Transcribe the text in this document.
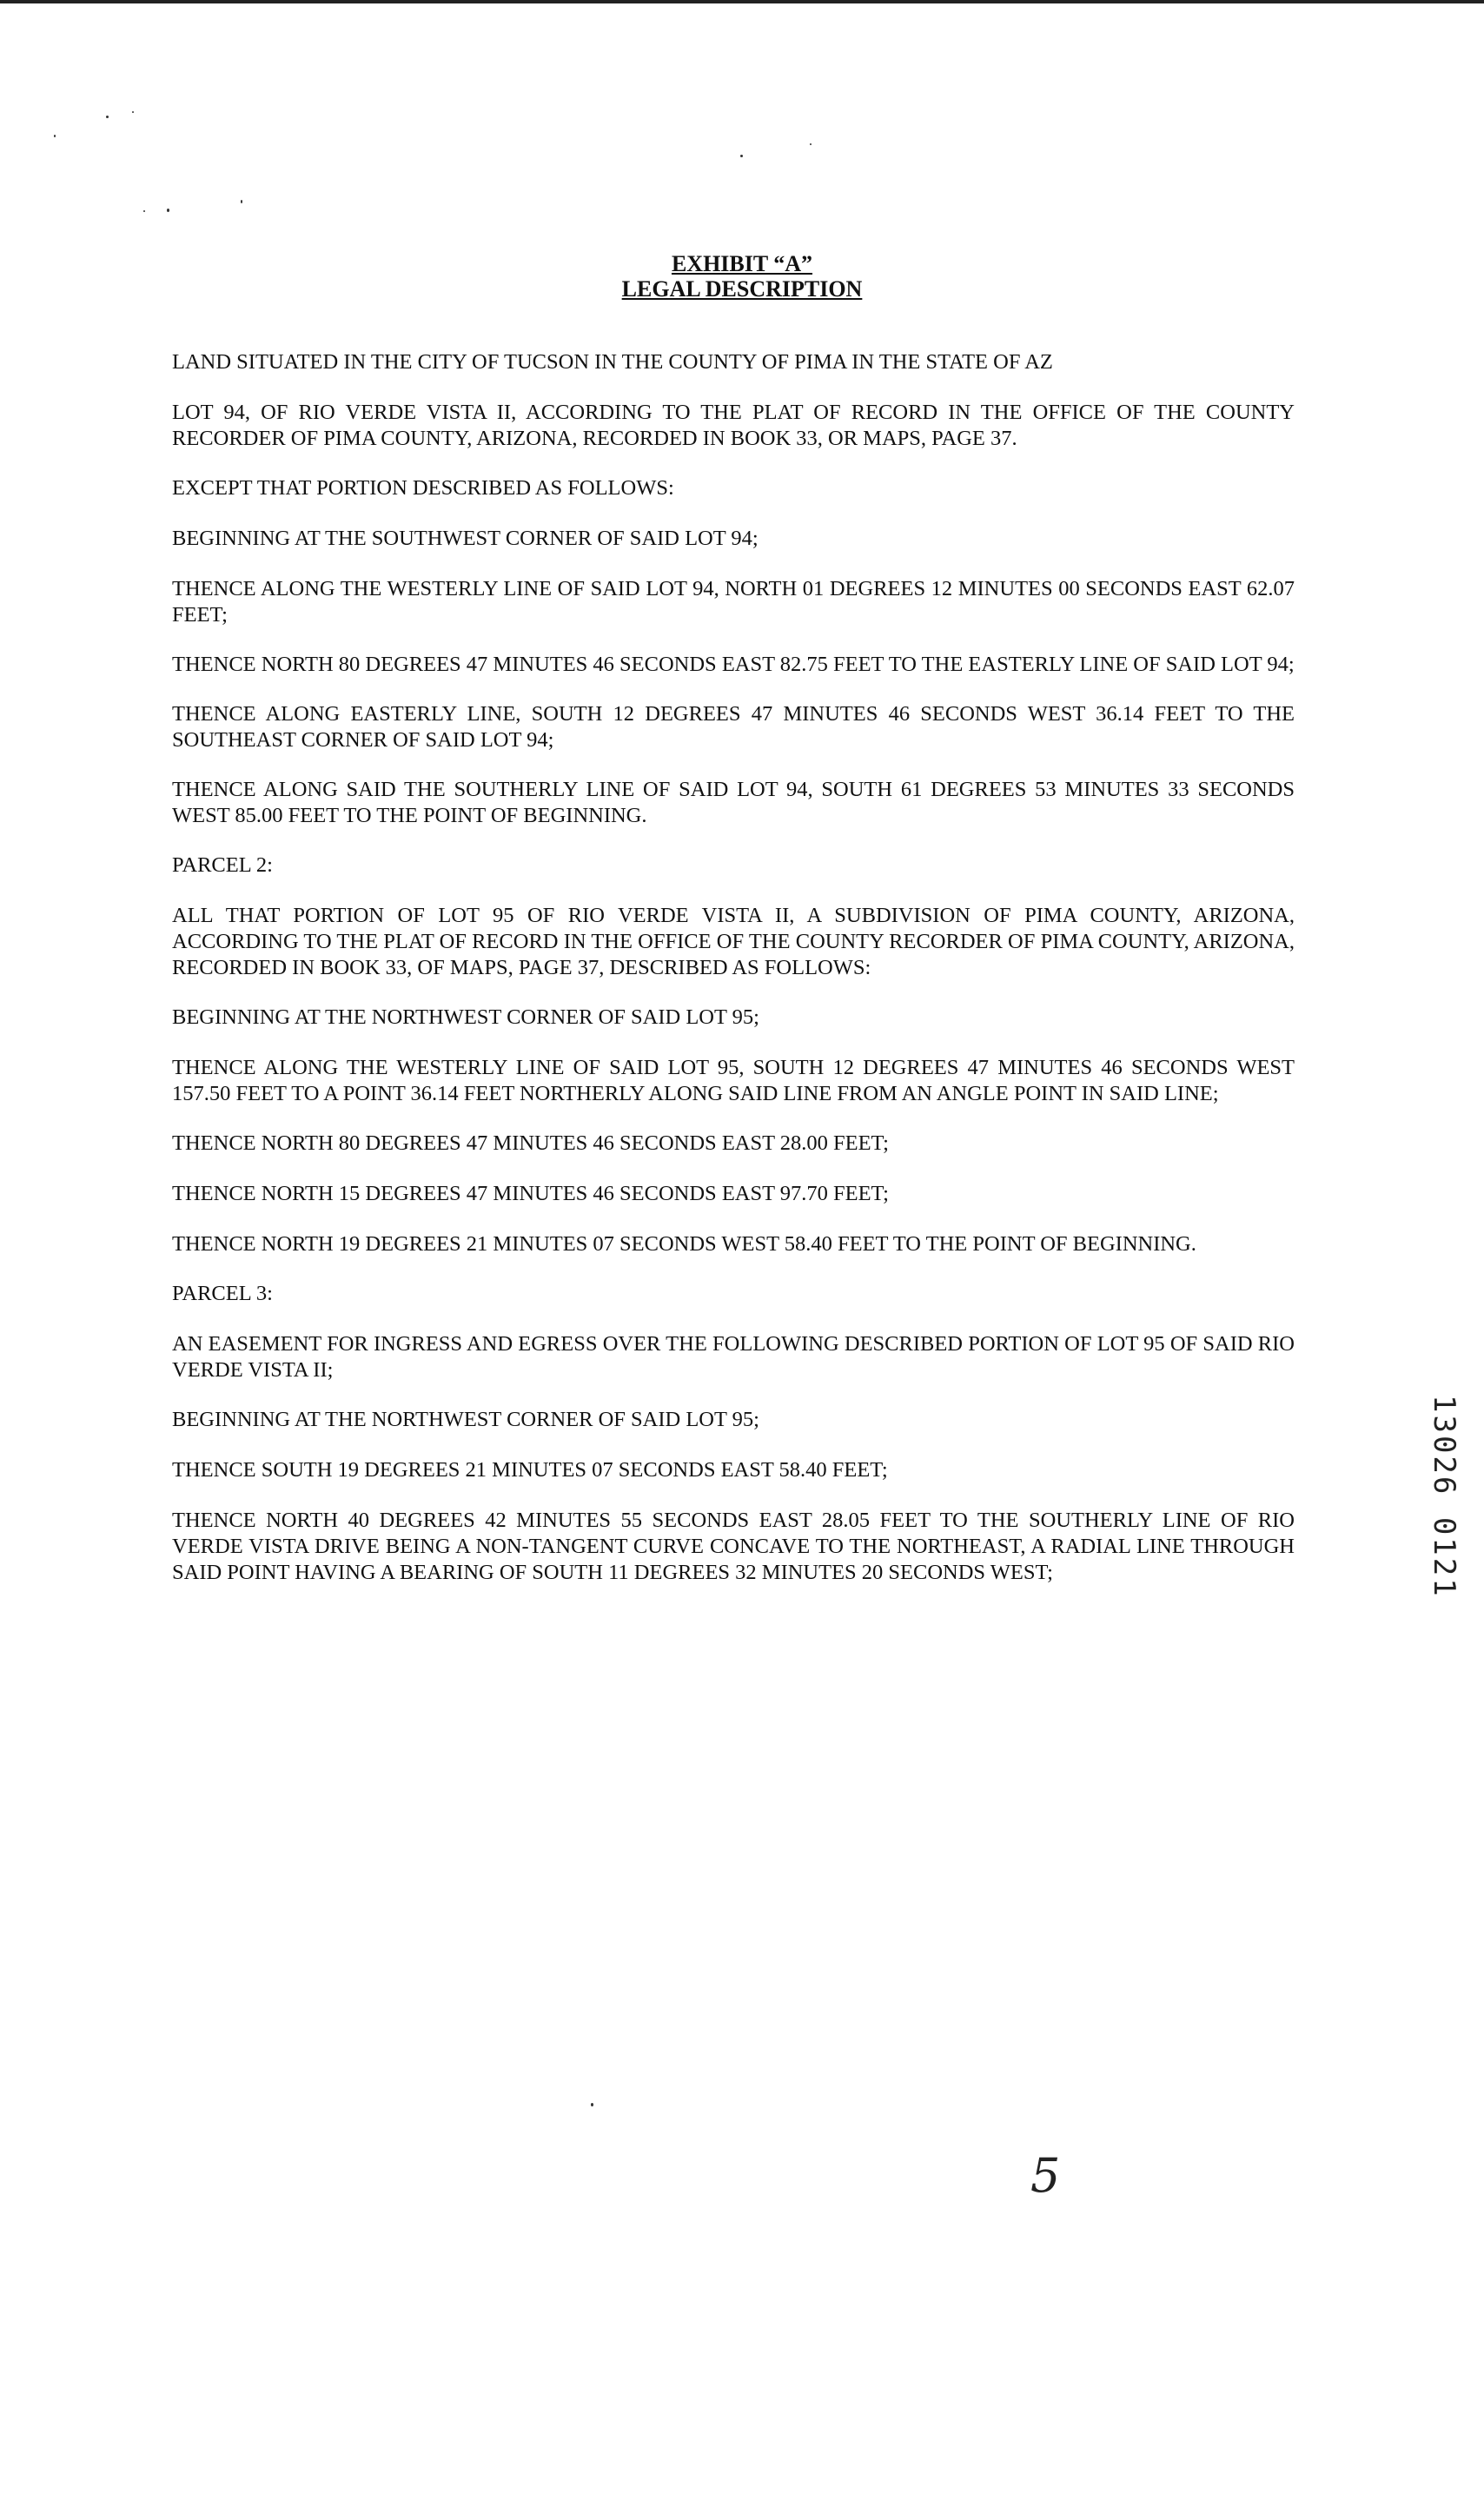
EXHIBIT “A”
LEGAL DESCRIPTION

LAND SITUATED IN THE CITY OF TUCSON IN THE COUNTY OF PIMA IN THE STATE OF AZ

LOT 94, OF RIO VERDE VISTA II, ACCORDING TO THE PLAT OF RECORD IN THE OFFICE OF THE COUNTY RECORDER OF PIMA COUNTY, ARIZONA, RECORDED IN BOOK 33, OR MAPS, PAGE 37.

EXCEPT THAT PORTION DESCRIBED AS FOLLOWS:

BEGINNING AT THE SOUTHWEST CORNER OF SAID LOT 94;

THENCE ALONG THE WESTERLY LINE OF SAID LOT 94, NORTH 01 DEGREES 12 MINUTES 00 SECONDS EAST 62.07 FEET;

THENCE NORTH 80 DEGREES 47 MINUTES 46 SECONDS EAST 82.75 FEET TO THE EASTERLY LINE OF SAID LOT 94;

THENCE ALONG EASTERLY LINE, SOUTH 12 DEGREES 47 MINUTES 46 SECONDS WEST 36.14 FEET TO THE SOUTHEAST CORNER OF SAID LOT 94;

THENCE ALONG SAID THE SOUTHERLY LINE OF SAID LOT 94, SOUTH 61 DEGREES 53 MINUTES 33 SECONDS WEST 85.00 FEET TO THE POINT OF BEGINNING.

PARCEL 2:

ALL THAT PORTION OF LOT 95 OF RIO VERDE VISTA II, A SUBDIVISION OF PIMA COUNTY, ARIZONA, ACCORDING TO THE PLAT OF RECORD IN THE OFFICE OF THE COUNTY RECORDER OF PIMA COUNTY, ARIZONA, RECORDED IN BOOK 33, OF MAPS, PAGE 37, DESCRIBED AS FOLLOWS:

BEGINNING AT THE NORTHWEST CORNER OF SAID LOT 95;

THENCE ALONG THE WESTERLY LINE OF SAID LOT 95, SOUTH 12 DEGREES 47 MINUTES 46 SECONDS WEST 157.50 FEET TO A POINT 36.14 FEET NORTHERLY ALONG SAID LINE FROM AN ANGLE POINT IN SAID LINE;

THENCE NORTH 80 DEGREES 47 MINUTES 46 SECONDS EAST 28.00 FEET;

THENCE NORTH 15 DEGREES 47 MINUTES 46 SECONDS EAST 97.70 FEET;

THENCE NORTH 19 DEGREES 21 MINUTES 07 SECONDS WEST 58.40 FEET TO THE POINT OF BEGINNING.

PARCEL 3:

AN EASEMENT FOR INGRESS AND EGRESS OVER THE FOLLOWING DESCRIBED PORTION OF LOT 95 OF SAID RIO VERDE VISTA II;

BEGINNING AT THE NORTHWEST CORNER OF SAID LOT 95;

THENCE SOUTH 19 DEGREES 21 MINUTES 07 SECONDS EAST 58.40 FEET;

THENCE NORTH 40 DEGREES 42 MINUTES 55 SECONDS EAST 28.05 FEET TO THE SOUTHERLY LINE OF RIO VERDE VISTA DRIVE BEING A NON-TANGENT CURVE CONCAVE TO THE NORTHEAST, A RADIAL LINE THROUGH SAID POINT HAVING A BEARING OF SOUTH 11 DEGREES 32 MINUTES 20 SECONDS WEST;	13026 0121
5
